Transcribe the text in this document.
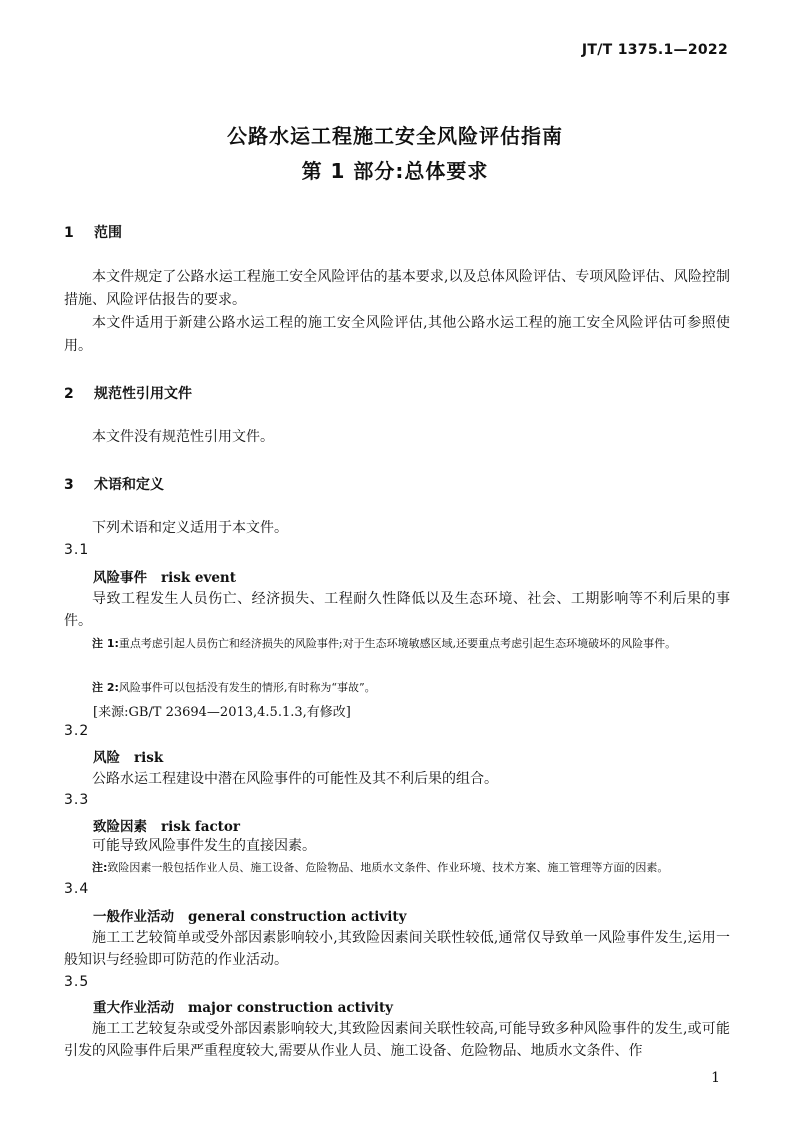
JT/T 1375.1—2022
公路水运工程施工安全风险评估指南
第 1 部分:总体要求
1 范围
本文件规定了公路水运工程施工安全风险评估的基本要求,以及总体风险评估、专项风险评估、风险控制措施、风险评估报告的要求。
本文件适用于新建公路水运工程的施工安全风险评估,其他公路水运工程的施工安全风险评估可参照使用。
2 规范性引用文件
本文件没有规范性引用文件。
3 术语和定义
下列术语和定义适用于本文件。
3.1
风险事件 risk event
导致工程发生人员伤亡、经济损失、工程耐久性降低以及生态环境、社会、工期影响等不利后果的事件。
注 1:重点考虑引起人员伤亡和经济损失的风险事件;对于生态环境敏感区域,还要重点考虑引起生态环境破坏的风险事件。
注 2:风险事件可以包括没有发生的情形,有时称为“事故”。
[来源:GB/T 23694—2013,4.5.1.3,有修改]
3.2
风险 risk
公路水运工程建设中潜在风险事件的可能性及其不利后果的组合。
3.3
致险因素 risk factor
可能导致风险事件发生的直接因素。
注:致险因素一般包括作业人员、施工设备、危险物品、地质水文条件、作业环境、技术方案、施工管理等方面的因素。
3.4
一般作业活动 general construction activity
施工工艺较简单或受外部因素影响较小,其致险因素间关联性较低,通常仅导致单一风险事件发生,运用一般知识与经验即可防范的作业活动。
3.5
重大作业活动 major construction activity
施工工艺较复杂或受外部因素影响较大,其致险因素间关联性较高,可能导致多种风险事件的发生,或可能引发的风险事件后果严重程度较大,需要从作业人员、施工设备、危险物品、地质水文条件、作
1
